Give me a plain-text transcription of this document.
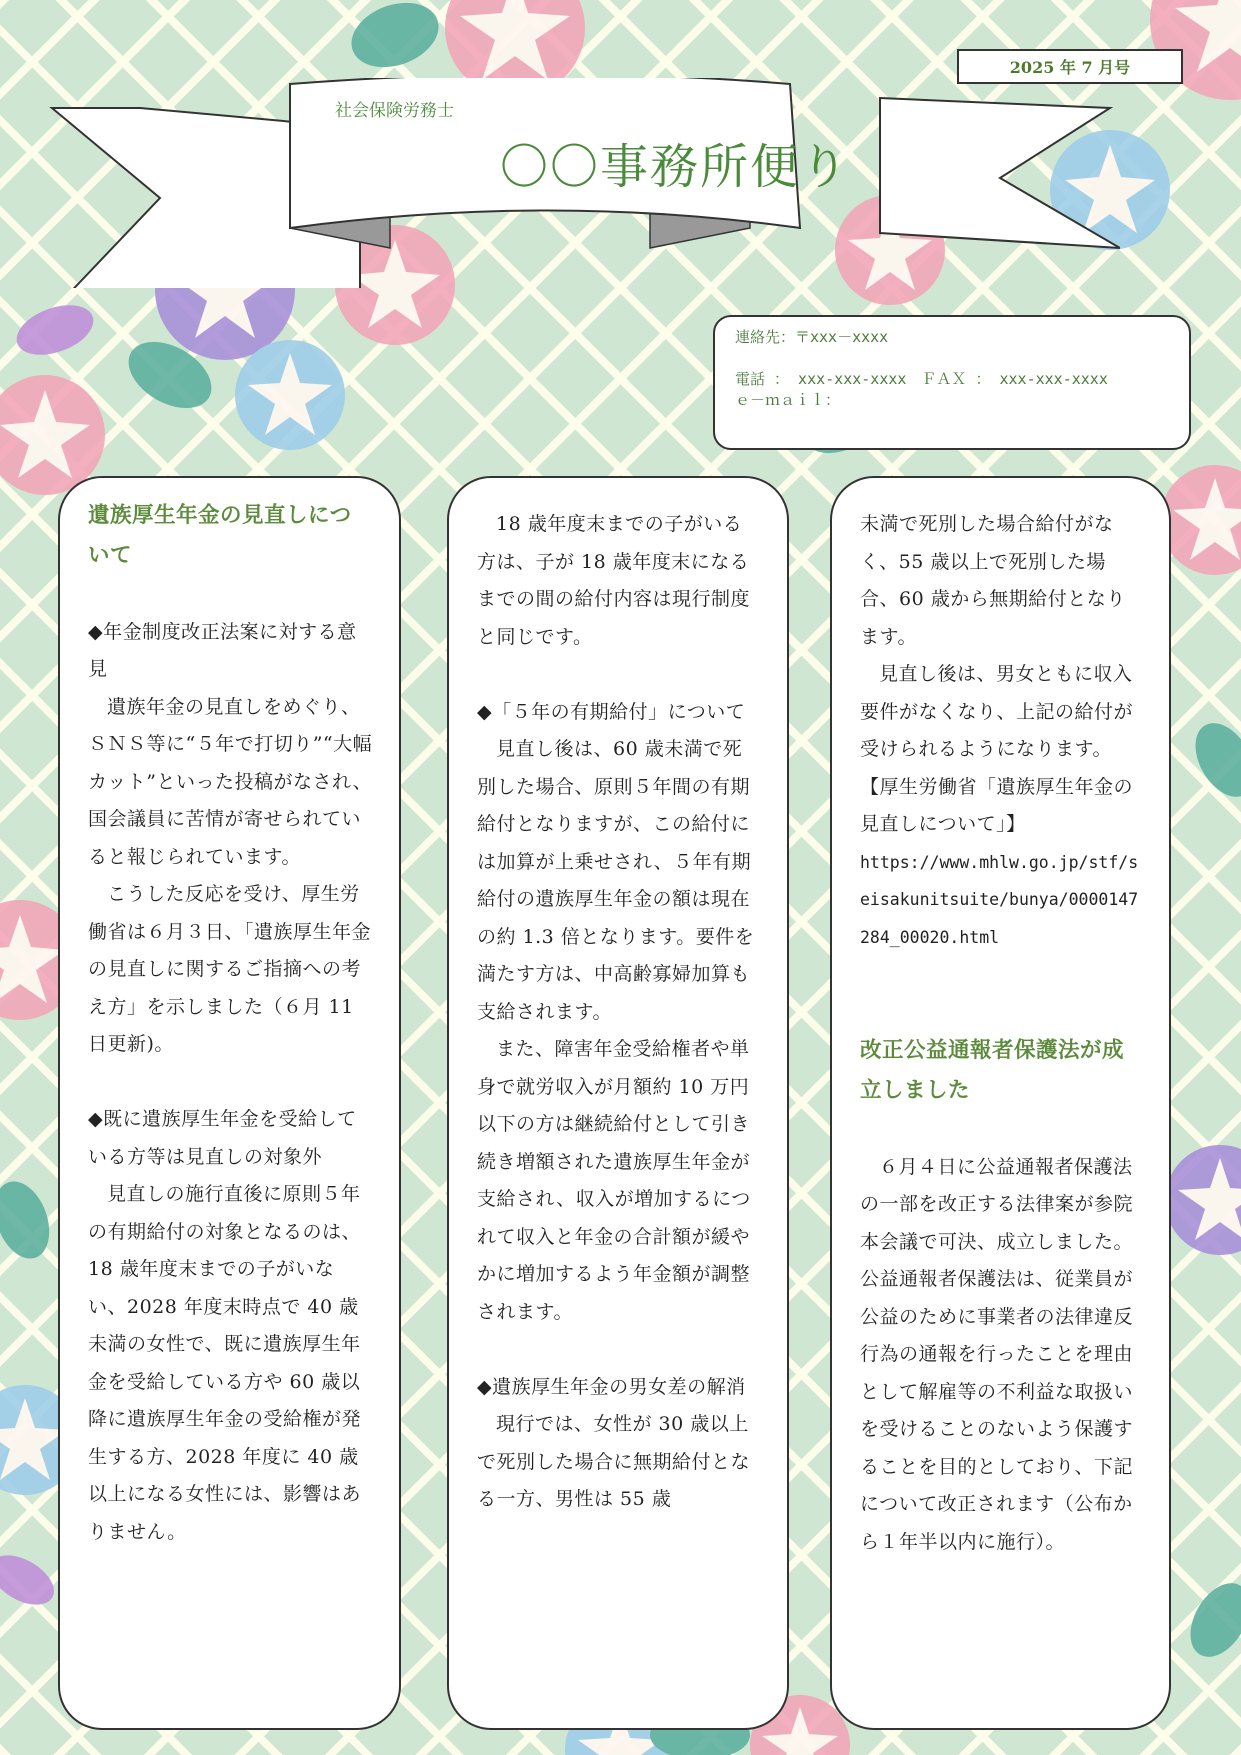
2025 年 7 月号
社会保険労務士
〇〇事務所便り
連絡先：〒xxx－xxxx
電話 ： xxx-xxx-xxxx　ＦＡＸ ： xxx-xxx-xxxx
ｅ－ｍａｉｌ：

遺族厚生年金の見直しについて

◆年金制度改正法案に対する意見

遺族年金の見直しをめぐり、ＳＮＳ等に“５年で打切り”“大幅カット”といった投稿がなされ、国会議員に苦情が寄せられていると報じられています。

こうした反応を受け、厚生労働省は６月３日、｢遺族厚生年金の見直しに関するご指摘への考え方」を示しました（６月 11 日更新)。

◆既に遺族厚生年金を受給している方等は見直しの対象外

見直しの施行直後に原則５年の有期給付の対象となるのは、18 歳年度末までの子がいない、2028 年度末時点で 40 歳未満の女性で、既に遺族厚生年金を受給している方や 60 歳以降に遺族厚生年金の受給権が発生する方、2028 年度に 40 歳以上になる女性には、影響はありません。

18 歳年度末までの子がいる方は、子が 18 歳年度末になるまでの間の給付内容は現行制度と同じです。

◆「５年の有期給付」について

見直し後は、60 歳未満で死別した場合、原則５年間の有期給付となりますが、この給付には加算が上乗せされ、５年有期給付の遺族厚生年金の額は現在の約 1.3 倍となります。要件を満たす方は、中高齢寡婦加算も支給されます。

また、障害年金受給権者や単身で就労収入が月額約 10 万円以下の方は継続給付として引き続き増額された遺族厚生年金が支給され、収入が増加するにつれて収入と年金の合計額が緩やかに増加するよう年金額が調整されます。

◆遺族厚生年金の男女差の解消

現行では、女性が 30 歳以上で死別した場合に無期給付となる一方、男性は 55 歳

未満で死別した場合給付がなく、55 歳以上で死別した場合、60 歳から無期給付となります。

見直し後は、男女ともに収入要件がなくなり、上記の給付が受けられるようになります。

【厚生労働省「遺族厚生年金の見直しについて」】

https://www.mhlw.go.jp/stf/seisakunitsuite/bunya/0000147284_00020.html

改正公益通報者保護法が成立しました

６月４日に公益通報者保護法の一部を改正する法律案が参院本会議で可決、成立しました。公益通報者保護法は、従業員が公益のために事業者の法律違反行為の通報を行ったことを理由として解雇等の不利益な取扱いを受けることのないよう保護することを目的としており、下記について改正されます（公布から１年半以内に施行）。
